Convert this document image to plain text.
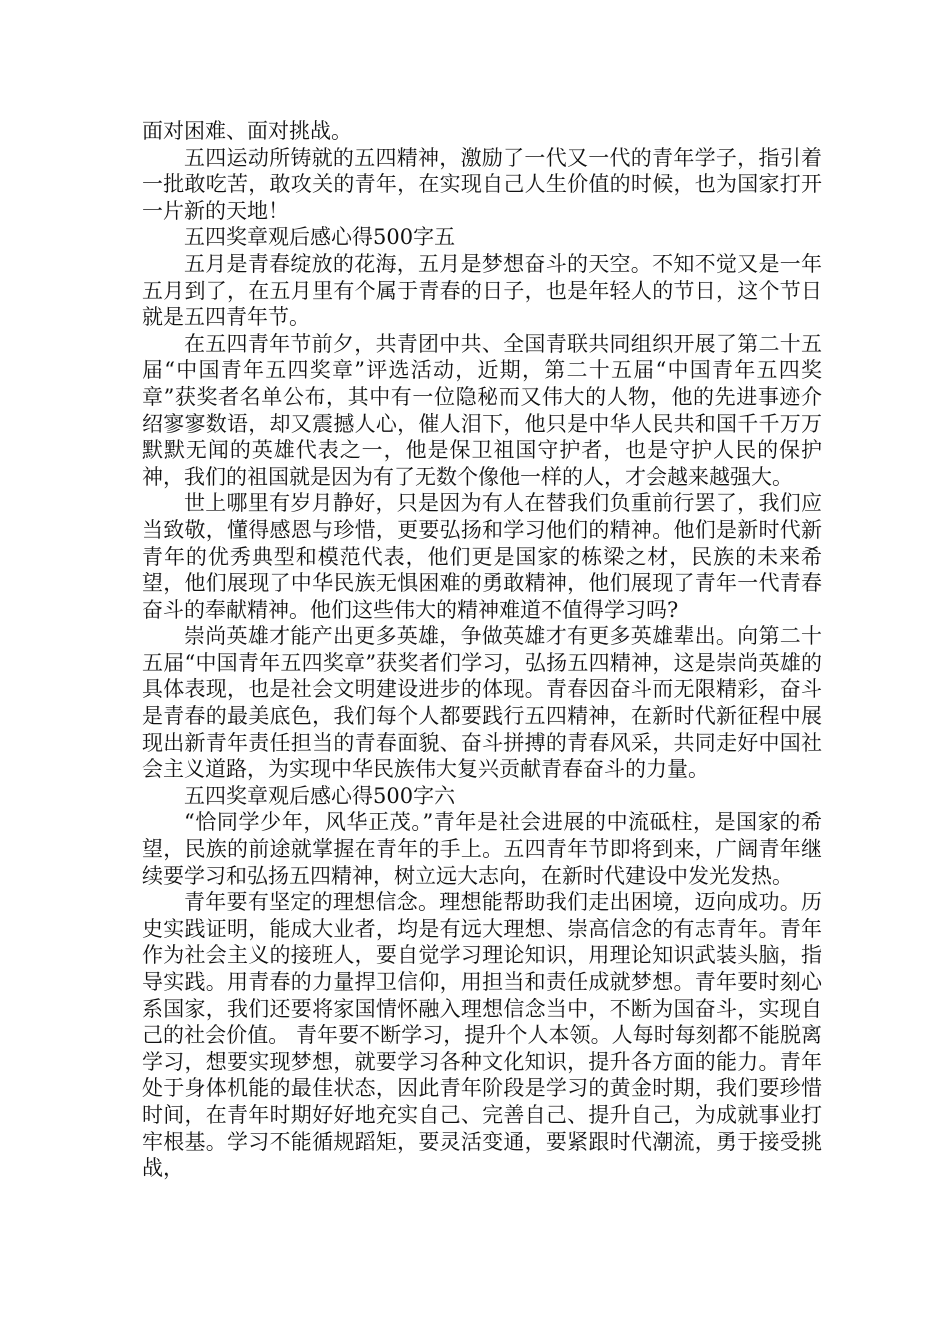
面对困难、面对挑战。

五四运动所铸就的五四精神，激励了一代又一代的青年学子，指引着一批敢吃苦，敢攻关的青年，在实现自己人生价值的时候，也为国家打开一片新的天地！

五四奖章观后感心得500字五

五月是青春绽放的花海，五月是梦想奋斗的天空。不知不觉又是一年五月到了，在五月里有个属于青春的日子，也是年轻人的节日，这个节日就是五四青年节。

在五四青年节前夕，共青团中共、全国青联共同组织开展了第二十五届“中国青年五四奖章”评选活动，近期，第二十五届“中国青年五四奖章”获奖者名单公布，其中有一位隐秘而又伟大的人物，他的先进事迹介绍寥寥数语，却又震撼人心，催人泪下，他只是中华人民共和国千千万万默默无闻的英雄代表之一，他是保卫祖国守护者，也是守护人民的保护神，我们的祖国就是因为有了无数个像他一样的人，才会越来越强大。

世上哪里有岁月静好，只是因为有人在替我们负重前行罢了，我们应当致敬，懂得感恩与珍惜，更要弘扬和学习他们的精神。他们是新时代新青年的优秀典型和模范代表，他们更是国家的栋梁之材，民族的未来希望，他们展现了中华民族无惧困难的勇敢精神，他们展现了青年一代青春奋斗的奉献精神。他们这些伟大的精神难道不值得学习吗?

崇尚英雄才能产出更多英雄，争做英雄才有更多英雄辈出。向第二十五届“中国青年五四奖章”获奖者们学习，弘扬五四精神，这是崇尚英雄的具体表现，也是社会文明建设进步的体现。青春因奋斗而无限精彩，奋斗是青春的最美底色，我们每个人都要践行五四精神，在新时代新征程中展现出新青年责任担当的青春面貌、奋斗拼搏的青春风采，共同走好中国社会主义道路，为实现中华民族伟大复兴贡献青春奋斗的力量。

五四奖章观后感心得500字六

“恰同学少年，风华正茂。”青年是社会进展的中流砥柱，是国家的希望，民族的前途就掌握在青年的手上。五四青年节即将到来，广阔青年继续要学习和弘扬五四精神，树立远大志向，在新时代建设中发光发热。

青年要有坚定的理想信念。理想能帮助我们走出困境，迈向成功。历史实践证明，能成大业者，均是有远大理想、崇高信念的有志青年。青年作为社会主义的接班人，要自觉学习理论知识，用理论知识武装头脑，指导实践。用青春的力量捍卫信仰，用担当和责任成就梦想。青年要时刻心系国家，我们还要将家国情怀融入理想信念当中，不断为国奋斗，实现自己的社会价值。 青年要不断学习，提升个人本领。人每时每刻都不能脱离学习，想要实现梦想，就要学习各种文化知识，提升各方面的能力。青年处于身体机能的最佳状态，因此青年阶段是学习的黄金时期，我们要珍惜时间，在青年时期好好地充实自己、完善自己、提升自己，为成就事业打牢根基。学习不能循规蹈矩，要灵活变通，要紧跟时代潮流，勇于接受挑战，
